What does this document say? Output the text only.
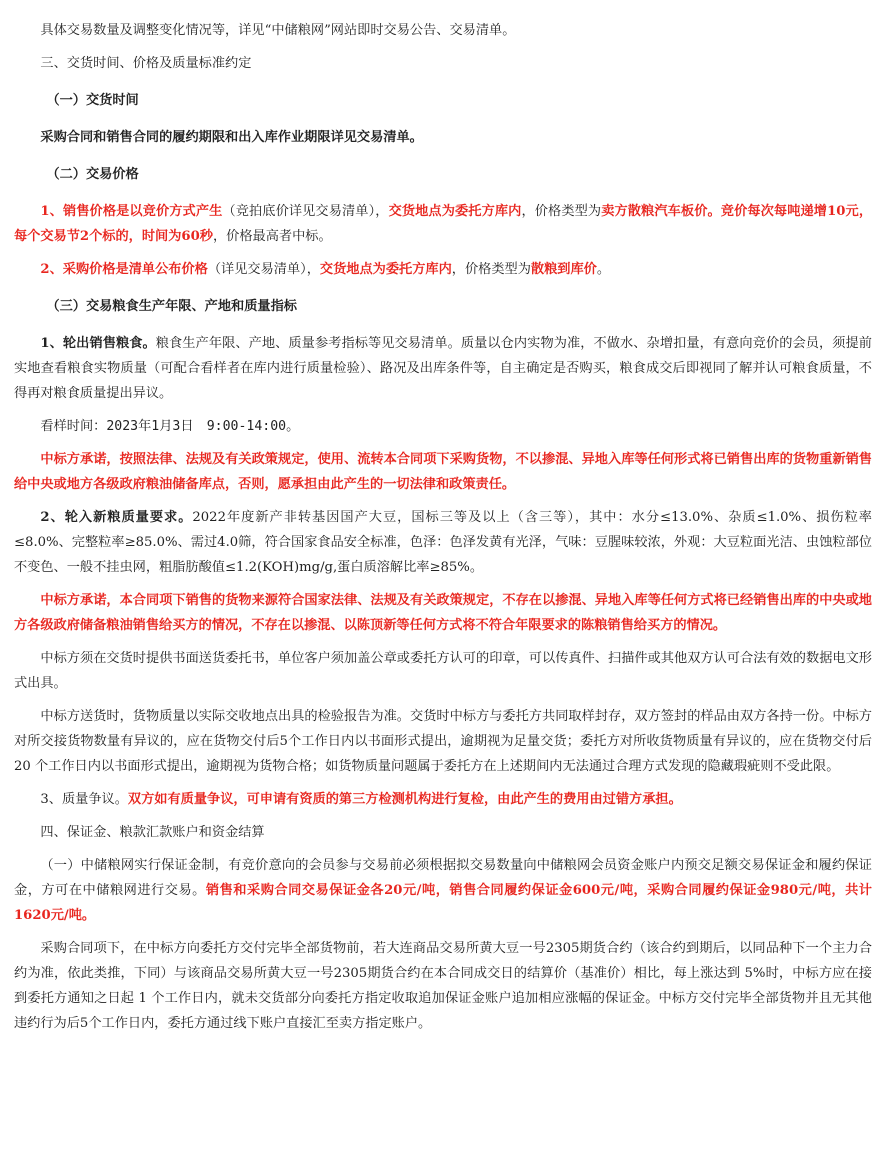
具体交易数量及调整变化情况等，详见“中储粮网”网站即时交易公告、交易清单。

三、交货时间、价格及质量标准约定

（一）交货时间

采购合同和销售合同的履约期限和出入库作业期限详见交易清单。

（二）交易价格

1、销售价格是以竞价方式产生（竞拍底价详见交易清单），交货地点为委托方库内，价格类型为卖方散粮汽车板价。竞价每次每吨递增10元，每个交易节2个标的，时间为60秒，价格最高者中标。

2、采购价格是清单公布价格（详见交易清单），交货地点为委托方库内，价格类型为散粮到库价。

（三）交易粮食生产年限、产地和质量指标

1、轮出销售粮食。粮食生产年限、产地、质量参考指标等见交易清单。质量以仓内实物为准，不做水、杂增扣量，有意向竞价的会员，须提前实地查看粮食实物质量（可配合看样者在库内进行质量检验）、路况及出库条件等，自主确定是否购买，粮食成交后即视同了解并认可粮食质量，不得再对粮食质量提出异议。

看样时间：2023年1月3日　9:00-14:00。

中标方承诺，按照法律、法规及有关政策规定，使用、流转本合同项下采购货物，不以掺混、异地入库等任何形式将已销售出库的货物重新销售给中央或地方各级政府粮油储备库点，否则，愿承担由此产生的一切法律和政策责任。

2、轮入新粮质量要求。2022年度新产非转基因国产大豆，国标三等及以上（含三等），其中：水分≤13.0%、杂质≤1.0%、损伤粒率≤8.0%、完整粒率≥85.0%、需过4.0筛，符合国家食品安全标准，色泽：色泽发黄有光泽，气味：豆腥味较浓，外观：大豆粒面光洁、虫蚀粒部位不变色、一般不挂虫网，粗脂肪酸值≤1.2(KOH)mg/g,蛋白质溶解比率≥85%。

中标方承诺，本合同项下销售的货物来源符合国家法律、法规及有关政策规定，不存在以掺混、异地入库等任何方式将已经销售出库的中央或地方各级政府储备粮油销售给买方的情况，不存在以掺混、以陈顶新等任何方式将不符合年限要求的陈粮销售给买方的情况。

中标方须在交货时提供书面送货委托书，单位客户须加盖公章或委托方认可的印章，可以传真件、扫描件或其他双方认可合法有效的数据电文形式出具。

中标方送货时，货物质量以实际交收地点出具的检验报告为准。交货时中标方与委托方共同取样封存，双方签封的样品由双方各持一份。中标方对所交接货物数量有异议的，应在货物交付后5个工作日内以书面形式提出，逾期视为足量交货；委托方对所收货物质量有异议的，应在货物交付后 20 个工作日内以书面形式提出，逾期视为货物合格；如货物质量问题属于委托方在上述期间内无法通过合理方式发现的隐藏瑕疵则不受此限。

3、质量争议。双方如有质量争议，可申请有资质的第三方检测机构进行复检，由此产生的费用由过错方承担。

四、保证金、粮款汇款账户和资金结算

（一）中储粮网实行保证金制，有竞价意向的会员参与交易前必须根据拟交易数量向中储粮网会员资金账户内预交足额交易保证金和履约保证金，方可在中储粮网进行交易。销售和采购合同交易保证金各20元/吨，销售合同履约保证金600元/吨，采购合同履约保证金980元/吨，共计1620元/吨。

采购合同项下，在中标方向委托方交付完毕全部货物前，若大连商品交易所黄大豆一号2305期货合约（该合约到期后，以同品种下一个主力合约为准，依此类推，下同）与该商品交易所黄大豆一号2305期货合约在本合同成交日的结算价（基准价）相比，每上涨达到 5%时，中标方应在接到委托方通知之日起 1 个工作日内，就未交货部分向委托方指定收取追加保证金账户追加相应涨幅的保证金。中标方交付完毕全部货物并且无其他违约行为后5个工作日内，委托方通过线下账户直接汇至卖方指定账户。
